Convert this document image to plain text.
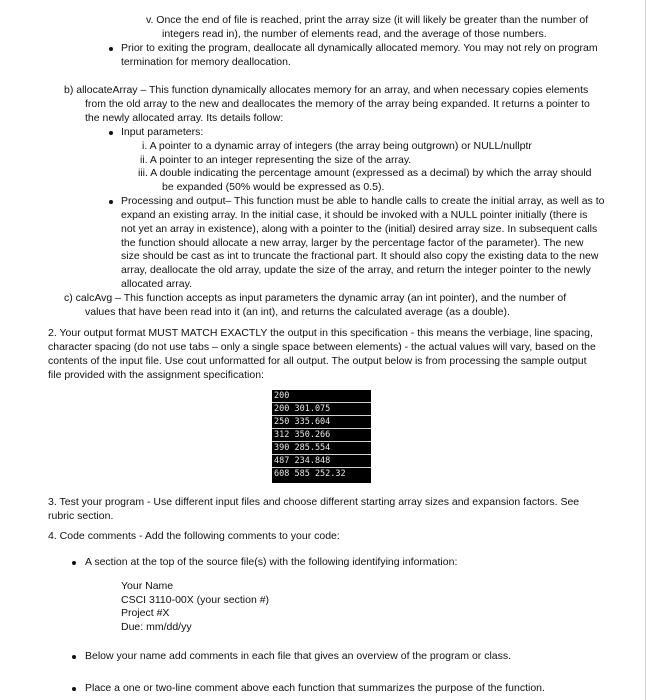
v. Once the end of file is reached, print the array size (it will likely be greater than the number of
integers read in), the number of elements read, and the average of those numbers.
Prior to exiting the program, deallocate all dynamically allocated memory. You may not rely on program
termination for memory deallocation.
b) allocateArray – This function dynamically allocates memory for an array, and when necessary copies elements
from the old array to the new and deallocates the memory of the array being expanded. It returns a pointer to
the newly allocated array. Its details follow:
Input parameters:
i. A pointer to a dynamic array of integers (the array being outgrown) or NULL/nullptr
ii. A pointer to an integer representing the size of the array.
iii. A double indicating the percentage amount (expressed as a decimal) by which the array should
be expanded (50% would be expressed as 0.5).
Processing and output– This function must be able to handle calls to create the initial array, as well as to
expand an existing array. In the initial case, it should be invoked with a NULL pointer initially (there is
not yet an array in existence), along with a pointer to the (initial) desired array size. In subsequent calls
the function should allocate a new array, larger by the percentage factor of the parameter). The new
size should be cast as int to truncate the fractional part. It should also copy the existing data to the new
array, deallocate the old array, update the size of the array, and return the integer pointer to the newly
allocated array.
c) calcAvg – This function accepts as input parameters the dynamic array (an int pointer), and the number of
values that have been read into it (an int), and returns the calculated average (as a double).
2. Your output format MUST MATCH EXACTLY the output in this specification - this means the verbiage, line spacing,
character spacing (do not use tabs – only a single space between elements) - the actual values will vary, based on the
contents of the input file. Use cout unformatted for all output. The output below is from processing the sample output
file provided with the assignment specification:
200
200 301.075
250 335.604
312 350.266
390 285.554
487 234.848
608 585 252.32
3. Test your program - Use different input files and choose different starting array sizes and expansion factors. See
rubric section.
4. Code comments - Add the following comments to your code:
A section at the top of the source file(s) with the following identifying information:
Your Name
CSCI 3110-00X (your section #)
Project #X
Due: mm/dd/yy
Below your name add comments in each file that gives an overview of the program or class.
Place a one or two-line comment above each function that summarizes the purpose of the function.
